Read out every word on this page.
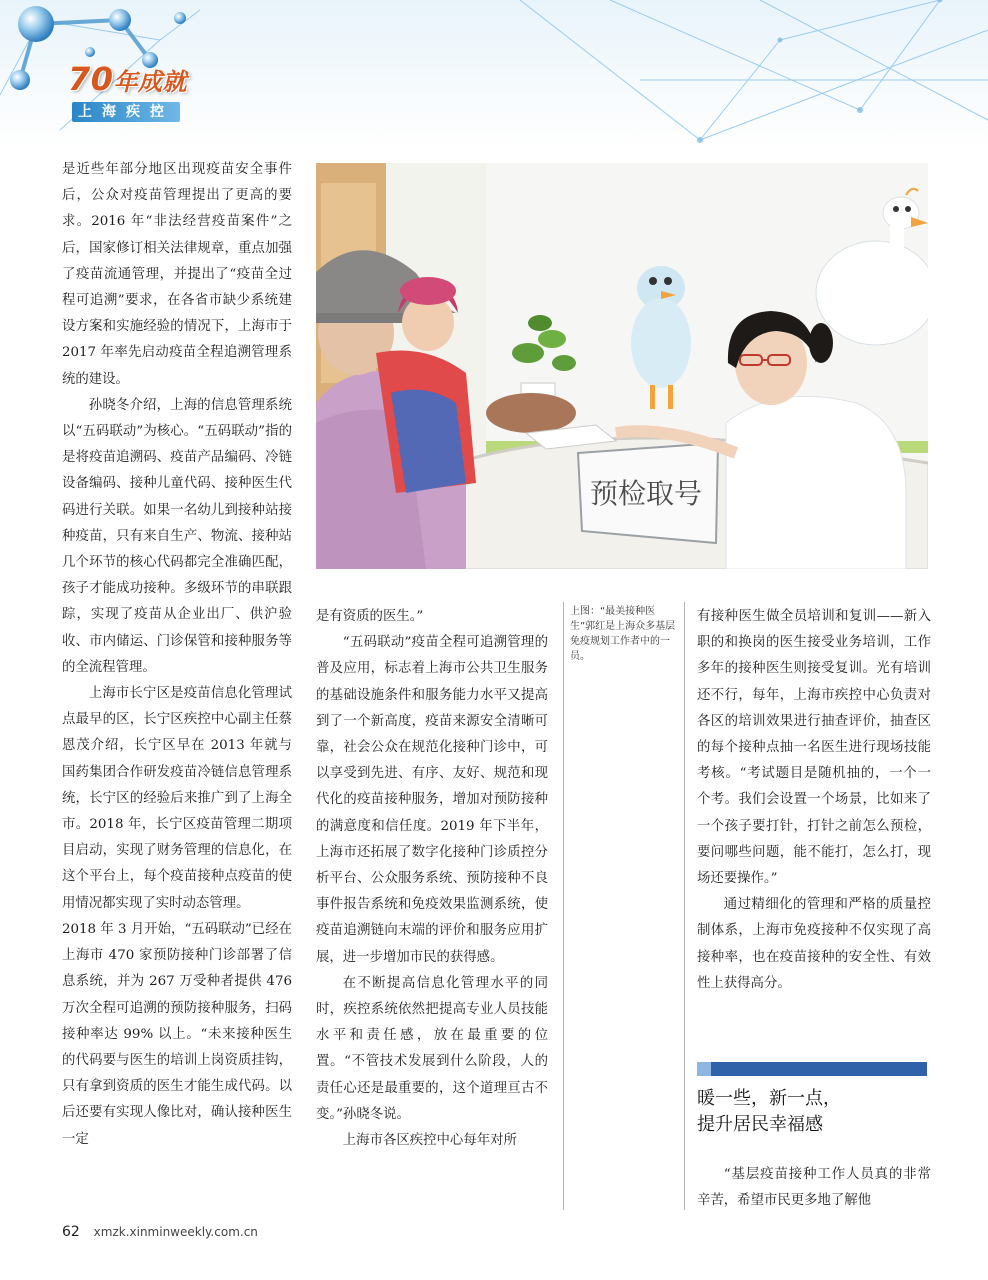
70年成就
上海疾控

是近些年部分地区出现疫苗安全事件后，公众对疫苗管理提出了更高的要求。2016 年“非法经营疫苗案件”之后，国家修订相关法律规章，重点加强了疫苗流通管理，并提出了“疫苗全过程可追溯”要求，在各省市缺少系统建设方案和实施经验的情况下，上海市于 2017 年率先启动疫苗全程追溯管理系统的建设。

孙晓冬介绍，上海的信息管理系统以“五码联动”为核心。“五码联动”指的是将疫苗追溯码、疫苗产品编码、冷链设备编码、接种儿童代码、接种医生代码进行关联。如果一名幼儿到接种站接种疫苗，只有来自生产、物流、接种站几个环节的核心代码都完全准确匹配，孩子才能成功接种。多级环节的串联跟踪，实现了疫苗从企业出厂、供沪验收、市内储运、门诊保管和接种服务等的全流程管理。

上海市长宁区是疫苗信息化管理试点最早的区，长宁区疾控中心副主任蔡恩茂介绍，长宁区早在 2013 年就与国药集团合作研发疫苗冷链信息管理系统，长宁区的经验后来推广到了上海全市。2018 年，长宁区疫苗管理二期项目启动，实现了财务管理的信息化，在这个平台上，每个疫苗接种点疫苗的使用情况都实现了实时动态管理。

2018 年 3 月开始，“五码联动”已经在上海市 470 家预防接种门诊部署了信息系统，并为 267 万受种者提供 476 万次全程可追溯的预防接种服务，扫码接种率达 99% 以上。“未来接种医生的代码要与医生的培训上岗资质挂钩，只有拿到资质的医生才能生成代码。以后还要有实现人像比对，确认接种医生一定

预检取号
上图：“最美接种医生”郭红是上海众多基层免疫规划工作者中的一员。

是有资质的医生。”

“五码联动”疫苗全程可追溯管理的普及应用，标志着上海市公共卫生服务的基础设施条件和服务能力水平又提高到了一个新高度，疫苗来源安全清晰可靠，社会公众在规范化接种门诊中，可以享受到先进、有序、友好、规范和现代化的疫苗接种服务，增加对预防接种的满意度和信任度。2019 年下半年，上海市还拓展了数字化接种门诊质控分析平台、公众服务系统、预防接种不良事件报告系统和免疫效果监测系统，使疫苗追溯链向末端的评价和服务应用扩展，进一步增加市民的获得感。

在不断提高信息化管理水平的同时，疾控系统依然把提高专业人员技能水平和责任感，放在最重要的位置。“不管技术发展到什么阶段，人的责任心还是最重要的，这个道理亘古不变。”孙晓冬说。

上海市各区疾控中心每年对所

有接种医生做全员培训和复训——新入职的和换岗的医生接受业务培训，工作多年的接种医生则接受复训。光有培训还不行，每年，上海市疾控中心负责对各区的培训效果进行抽查评价，抽查区的每个接种点抽一名医生进行现场技能考核。“考试题目是随机抽的，一个一个考。我们会设置一个场景，比如来了一个孩子要打针，打针之前怎么预检，要问哪些问题，能不能打，怎么打，现场还要操作。”

通过精细化的管理和严格的质量控制体系，上海市免疫接种不仅实现了高接种率，也在疫苗接种的安全性、有效性上获得高分。

暖一些，新一点，
提升居民幸福感

“基层疫苗接种工作人员真的非常辛苦，希望市民更多地了解他

62 xmzk.xinminweekly.com.cn
